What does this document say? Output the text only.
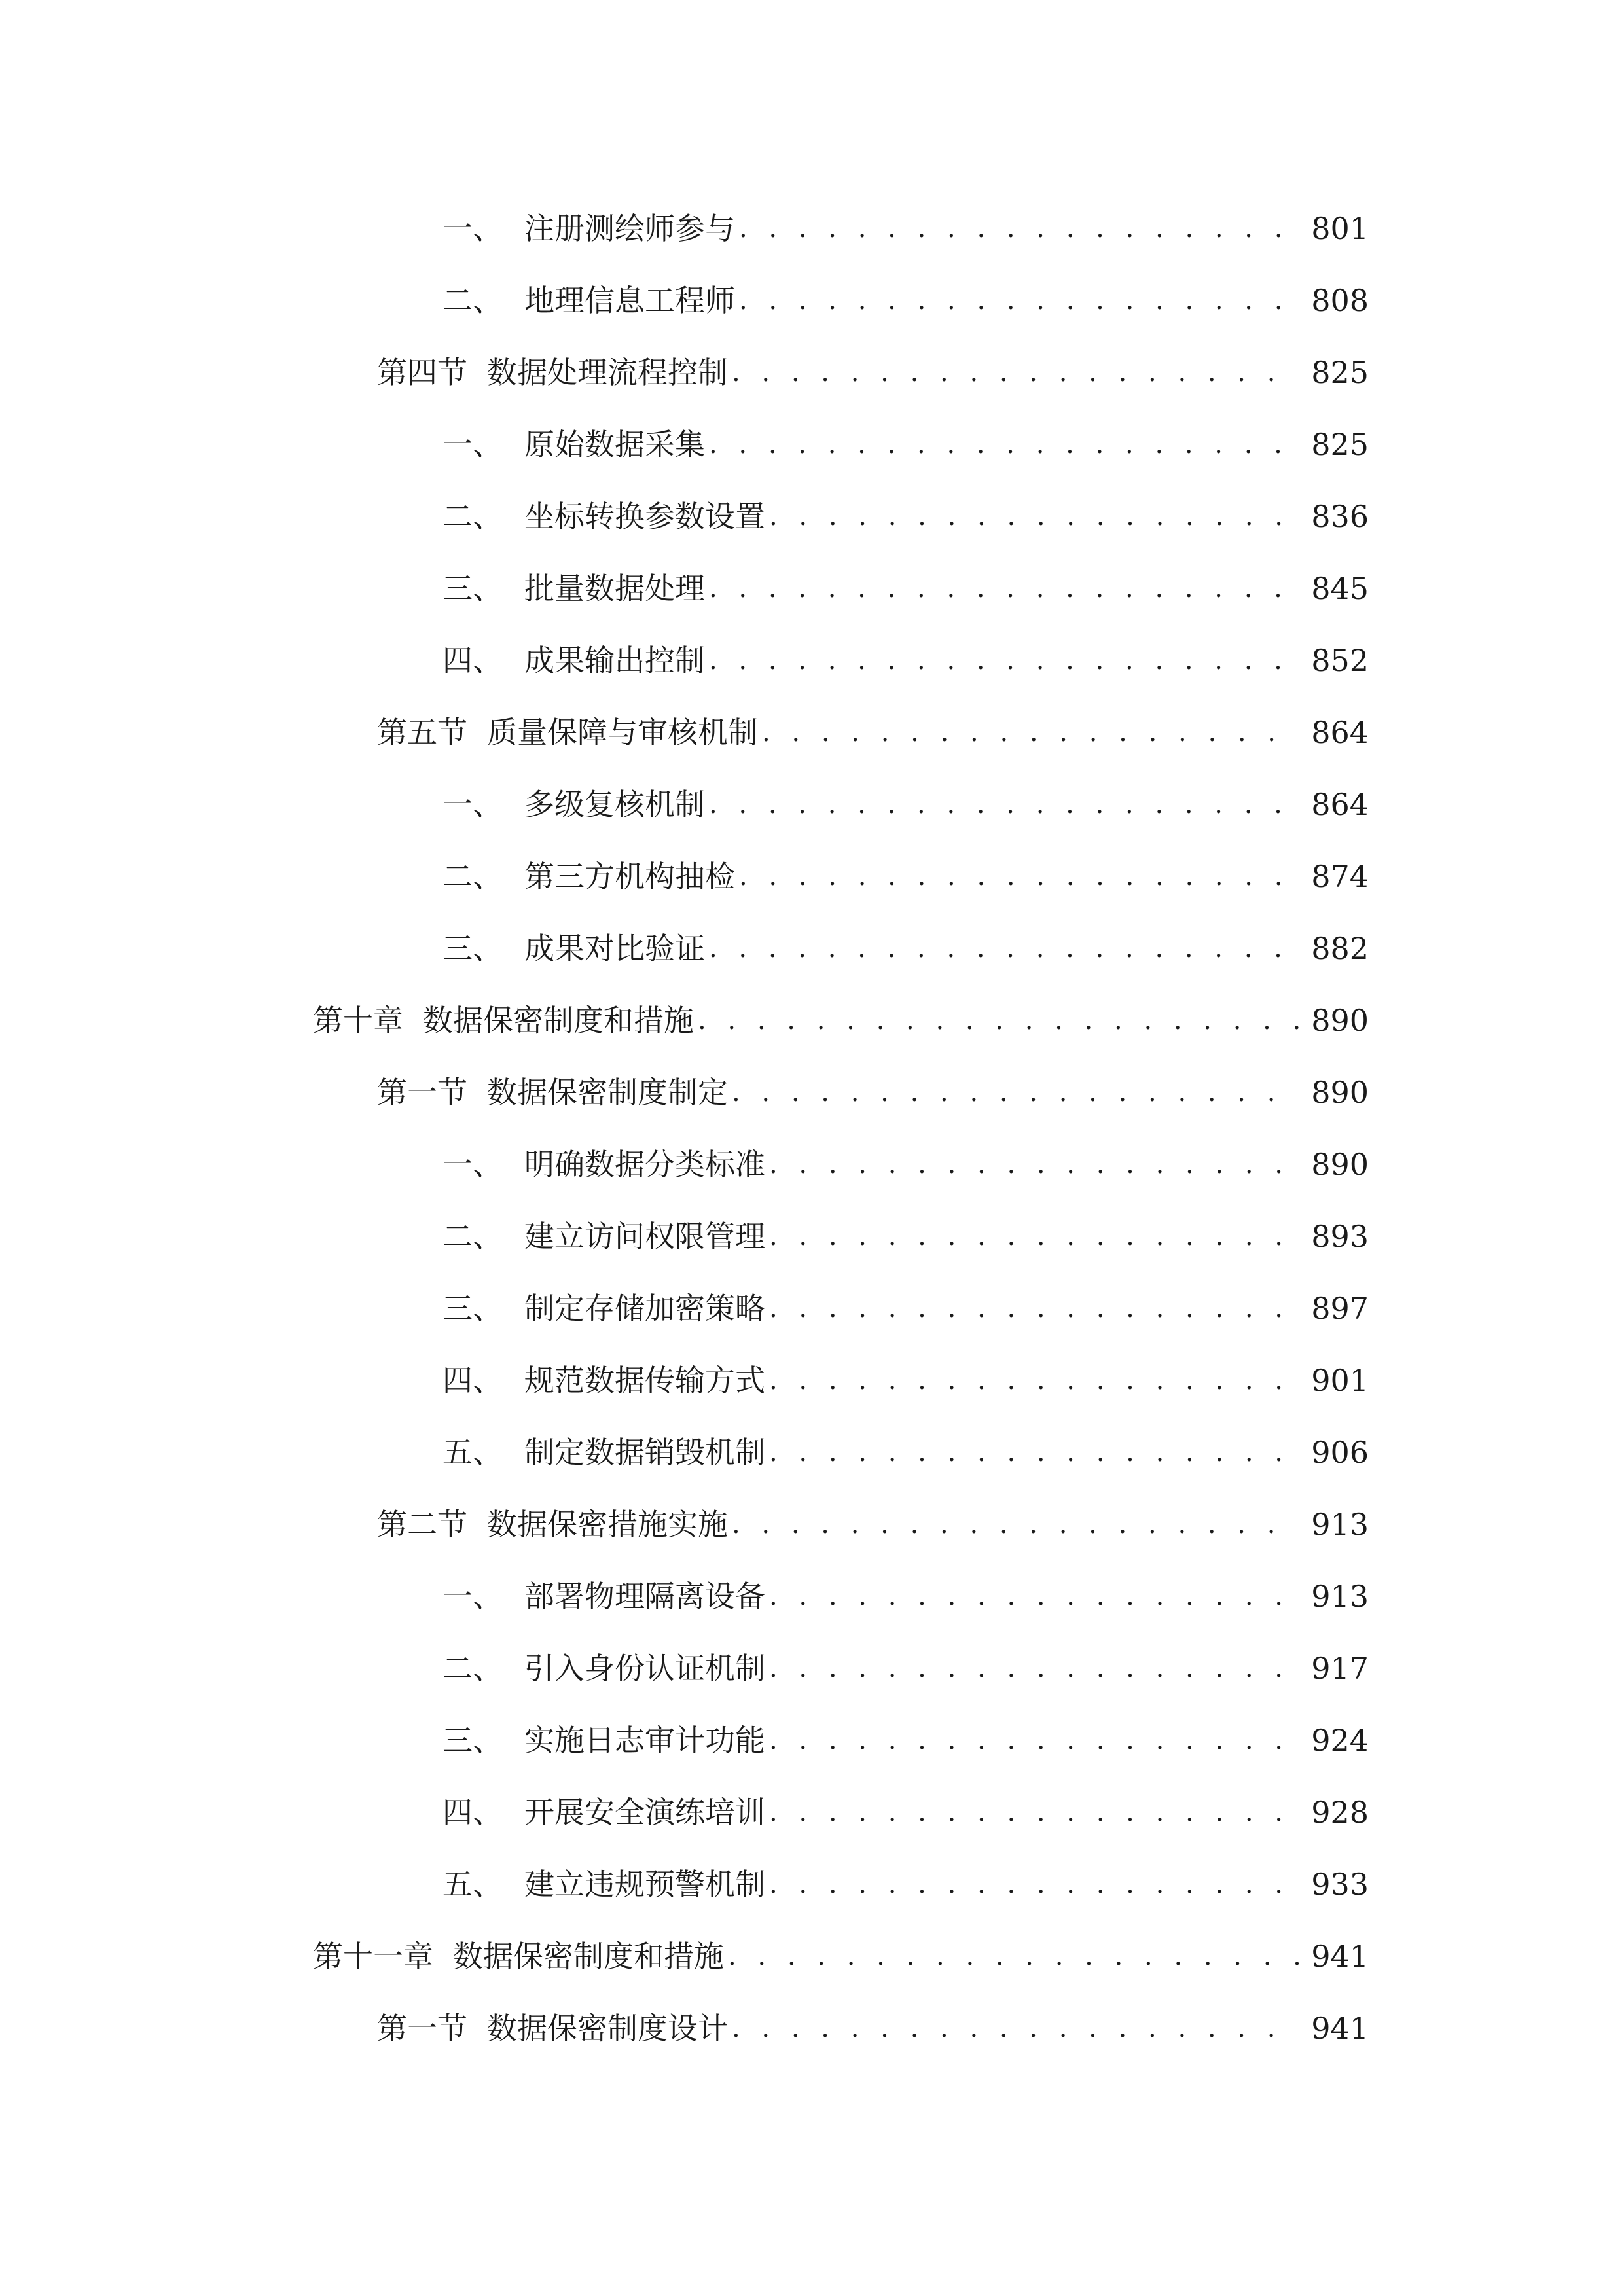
一、 注册测绘师参与 . . .	801
二、 地理信息工程师 . . .	808
第四节 数据处理流程控制 . . .	825
一、 原始数据采集 . . .	825
二、 坐标转换参数设置 . . .	836
三、 批量数据处理 . . .	845
四、 成果输出控制 . . .	852
第五节 质量保障与审核机制 . . .	864
一、 多级复核机制 . . .	864
二、 第三方机构抽检 . . .	874
三、 成果对比验证 . . .	882
第十章 数据保密制度和措施 . . .	890
第一节 数据保密制度制定 . . .	890
一、 明确数据分类标准 . . .	890
二、 建立访问权限管理 . . .	893
三、 制定存储加密策略 . . .	897
四、 规范数据传输方式 . . .	901
五、 制定数据销毁机制 . . .	906
第二节 数据保密措施实施 . . .	913
一、 部署物理隔离设备 . . .	913
二、 引入身份认证机制 . . .	917
三、 实施日志审计功能 . . .	924
四、 开展安全演练培训 . . .	928
五、 建立违规预警机制 . . .	933
第十一章 数据保密制度和措施 . . .	941
第一节 数据保密制度设计 . . .	941
